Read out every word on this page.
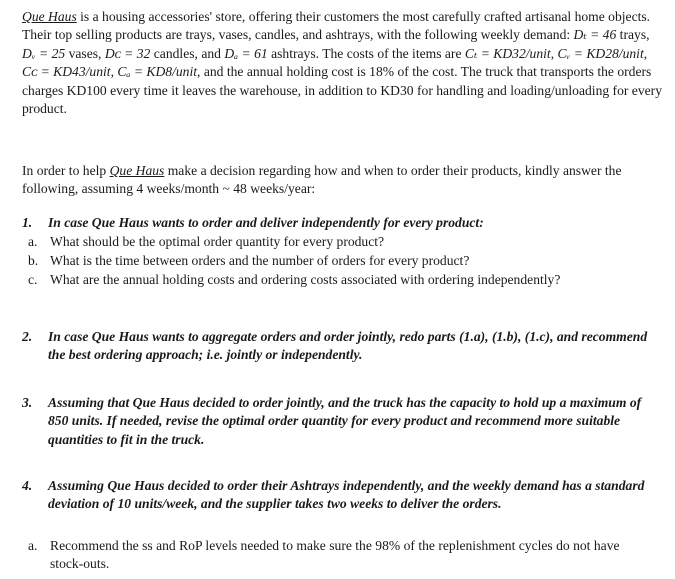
Que Haus is a housing accessories' store, offering their customers the most carefully crafted artisanal home objects. Their top selling products are trays, vases, candles, and ashtrays, with the following weekly demand: Dₜ = 46 trays, Dᵥ = 25 vases, Dᴄ = 32 candles, and Dₐ = 61 ashtrays. The costs of the items are Cₜ = KD32/unit, Cᵥ = KD28/unit, Cᴄ = KD43/unit, Cₐ = KD8/unit, and the annual holding cost is 18% of the cost. The truck that transports the orders charges KD100 every time it leaves the warehouse, in addition to KD30 for handling and loading/unloading for every product.

In order to help Que Haus make a decision regarding how and when to order their products, kindly answer the following, assuming 4 weeks/month ~ 48 weeks/year:

1. In case Que Haus wants to order and deliver independently for every product:
a. What should be the optimal order quantity for every product?
b. What is the time between orders and the number of orders for every product?
c. What are the annual holding costs and ordering costs associated with ordering independently?
2. In case Que Haus wants to aggregate orders and order jointly, redo parts (1.a), (1.b), (1.c), and recommend the best ordering approach; i.e. jointly or independently.
3. Assuming that Que Haus decided to order jointly, and the truck has the capacity to hold up a maximum of 850 units. If needed, revise the optimal order quantity for every product and recommend more suitable quantities to fit in the truck.
4. Assuming Que Haus decided to order their Ashtrays independently, and the weekly demand has a standard deviation of 10 units/week, and the supplier takes two weeks to deliver the orders.
a. Recommend the ss and RoP levels needed to make sure the 98% of the replenishment cycles do not have stock-outs.
